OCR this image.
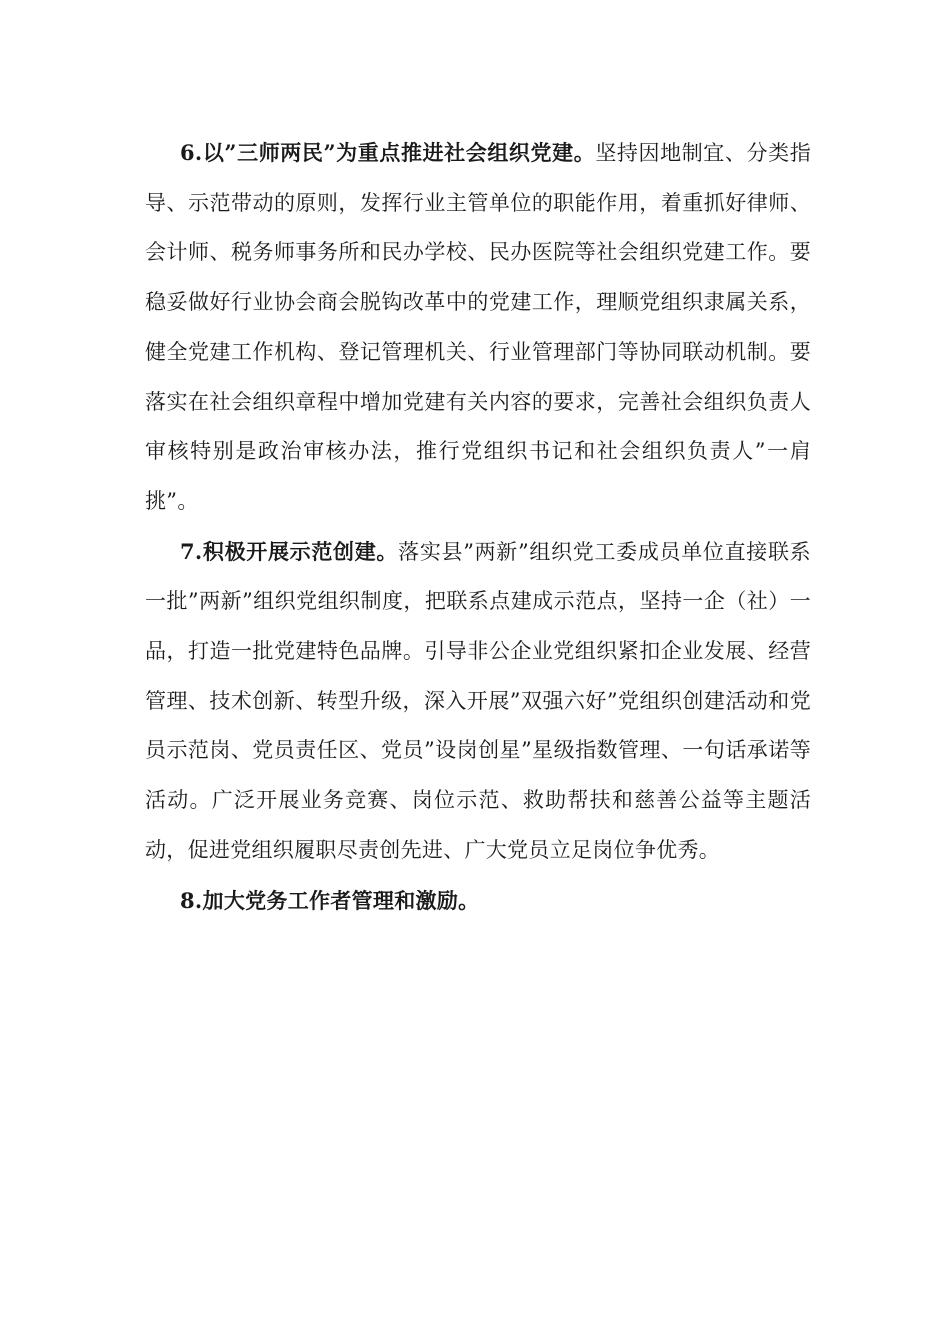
6.以”三师两民”为重点推进社会组织党建。坚持因地制宜、分类指导、示范带动的原则，发挥行业主管单位的职能作用，着重抓好律师、会计师、税务师事务所和民办学校、民办医院等社会组织党建工作。要稳妥做好行业协会商会脱钩改革中的党建工作，理顺党组织隶属关系，健全党建工作机构、登记管理机关、行业管理部门等协同联动机制。要落实在社会组织章程中增加党建有关内容的要求，完善社会组织负责人审核特别是政治审核办法，推行党组织书记和社会组织负责人”一肩挑”。

7.积极开展示范创建。落实县”两新”组织党工委成员单位直接联系一批”两新”组织党组织制度，把联系点建成示范点，坚持一企（社）一品，打造一批党建特色品牌。引导非公企业党组织紧扣企业发展、经营管理、技术创新、转型升级，深入开展”双强六好”党组织创建活动和党员示范岗、党员责任区、党员”设岗创星”星级指数管理、一句话承诺等活动。广泛开展业务竞赛、岗位示范、救助帮扶和慈善公益等主题活动，促进党组织履职尽责创先进、广大党员立足岗位争优秀。

8.加大党务工作者管理和激励。
